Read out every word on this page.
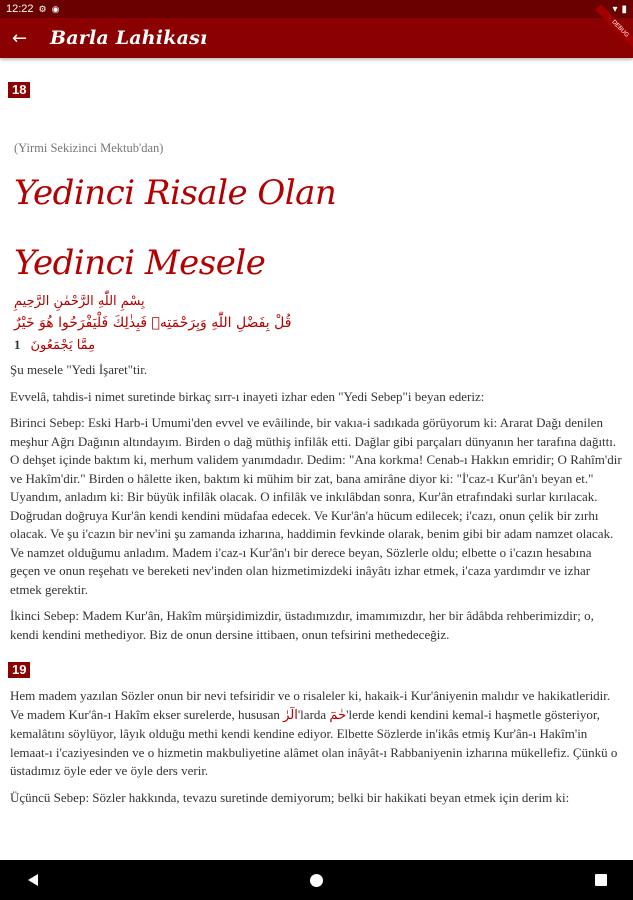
12:22 ⚙ ◉	▾ ▮
←	Barla Lahikası	DEBUG
18
(Yirmi Sekizinci Mektub'dan)
Yedinci Risale Olan
Yedinci Mesele
بِسْمِ اللّٰهِ الرَّحْمٰنِ الرَّحِيمِ
قُلْ بِفَضْلِ اللّٰهِ وَبِرَحْمَتِه۪ فَبِذٰلِكَ فَلْيَفْرَحُوا هُوَ خَيْرٌ
1 مِمَّا يَجْمَعُونَ

Şu mesele "Yedi İşaret"tir.

Evvelâ, tahdis-i nimet suretinde birkaç sırr-ı inayeti izhar eden "Yedi Sebep"i beyan ederiz:

Birinci Sebep: Eski Harb-i Umumi'den evvel ve evâilinde, bir vakıa-i sadıkada görüyorum ki: Ararat Dağı denilen meşhur Ağrı Dağının altındayım. Birden o dağ müthiş infilâk etti. Dağlar gibi parçaları dünyanın her tarafına dağıttı. O dehşet içinde baktım ki, merhum validem yanımdadır. Dedim: "Ana korkma! Cenab-ı Hakkın emridir; O Rahîm'dir ve Hakîm'dir." Birden o hâlette iken, baktım ki mühim bir zat, bana amirâne diyor ki: "İ'caz-ı Kur'ân'ı beyan et." Uyandım, anladım ki: Bir büyük infilâk olacak. O infilâk ve inkılâbdan sonra, Kur'ân etrafındaki surlar kırılacak. Doğrudan doğruya Kur'ân kendi kendini müdafaa edecek. Ve Kur'ân'a hücum edilecek; i'cazı, onun çelik bir zırhı olacak. Ve şu i'cazın bir nev'ini şu zamanda izharına, haddimin fevkinde olarak, benim gibi bir adam namzet olacak. Ve namzet olduğumu anladım. Madem i'caz-ı Kur'ân'ı bir derece beyan, Sözlerle oldu; elbette o i'cazın hesabına geçen ve onun reşehatı ve bereketi nev'inden olan hizmetimizdeki inâyâtı izhar etmek, i'caza yardımdır ve izhar etmek gerektir.

İkinci Sebep: Madem Kur'ân, Hakîm mürşidimizdir, üstadımızdır, imamımızdır, her bir âdâbda rehberimizdir; o, kendi kendini methediyor. Biz de onun dersine ittibaen, onun tefsirini methedeceğiz.

19

Hem madem yazılan Sözler onun bir nevi tefsiridir ve o risaleler ki, hakaik-i Kur'âniyenin malıdır ve hakikatleridir. Ve madem Kur'ân-ı Hakîm ekser surelerde, hususan الٓرٰ'larda حٰمٓ'lerde kendi kendini kemal-i haşmetle gösteriyor, kemalâtını söylüyor, lâyık olduğu methi kendi kendine ediyor. Elbette Sözlerde in'ikâs etmiş Kur'ân-ı Hakîm'in lemaat-ı i'caziyesinden ve o hizmetin makbuliyetine alâmet olan inâyât-ı Rabbaniyenin izharına mükellefiz. Çünkü o üstadımız öyle eder ve öyle ders verir.

Üçüncü Sebep: Sözler hakkında, tevazu suretinde demiyorum; belki bir hakikati beyan etmek için derim ki:
